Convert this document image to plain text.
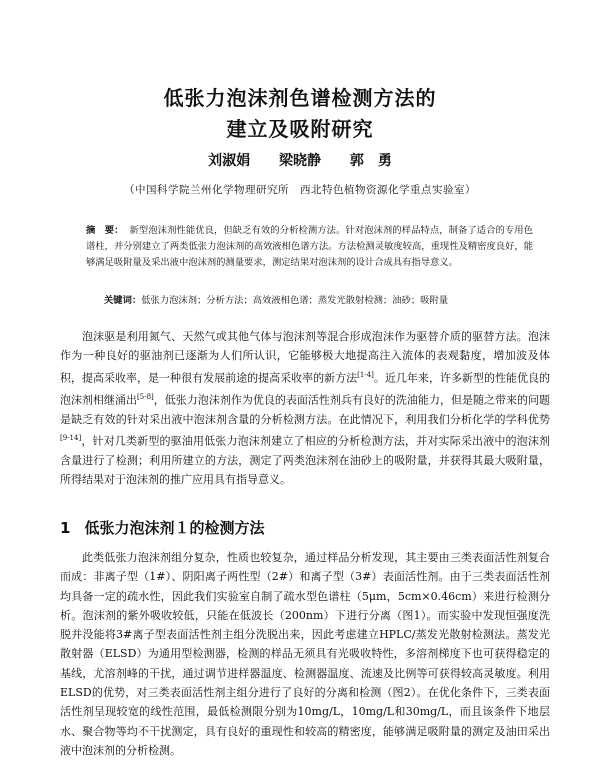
低张力泡沫剂色谱检测方法的
建立及吸附研究
刘淑娟 梁晓静 郭　勇
（中国科学院兰州化学物理研究所　西北特色植物资源化学重点实验室）
摘　要： 新型泡沫剂性能优良，但缺乏有效的分析检测方法。针对泡沫剂的样品特点，制备了适合的专用色谱柱，并分别建立了两类低张力泡沫剂的高效液相色谱方法。方法检测灵敏度较高，重现性及精密度良好，能够满足吸附量及采出液中泡沫剂的测量要求，测定结果对泡沫剂的设计合成具有指导意义。
关键词：低张力泡沫剂；分析方法；高效液相色谱；蒸发光散射检测；油砂；吸附量
泡沫驱是利用氮气、天然气或其他气体与泡沫剂等混合形成泡沫作为驱替介质的驱替方法。泡沫作为一种良好的驱油剂已逐渐为人们所认识，它能够极大地提高注入流体的表观黏度，增加波及体积，提高采收率，是一种很有发展前途的提高采收率的新方法[1-4]。近几年来，许多新型的性能优良的泡沫剂相继涌出[5-8]，低张力泡沫剂作为优良的表面活性剂兵有良好的洗油能力，但是随之带来的问题是缺乏有效的针对采出液中泡沫剂含量的分析检测方法。在此情况下，利用我们分析化学的学科优势[9-14]，针对几类新型的驱油用低张力泡沫剂建立了相应的分析检测方法，并对实际采出液中的泡沫剂含量进行了检测；利用所建立的方法，测定了两类泡沫剂在油砂上的吸附量，并获得其最大吸附量，所得结果对于泡沫剂的推广应用具有指导意义。
1 低张力泡沫剂１的检测方法
此类低张力泡沫剂组分复杂，性质也较复杂，通过样品分析发现，其主要由三类表面活性剂复合而成：非离子型（1#）、阴阳离子两性型（2#）和离子型（3#）表面活性剂。由于三类表面活性剂均具备一定的疏水性，因此我们实验室自制了疏水型色谱柱（5μm，5cm×0.46cm）来进行检测分析。泡沫剂的紫外吸收较低，只能在低波长（200nm）下进行分离（图1）。而实验中发现恒强度洗脱并没能将3#离子型表面活性剂主组分洗脱出来，因此考虑建立HPLC/蒸发光散射检测法。蒸发光散射器（ELSD）为通用型检测器，检测的样品无须具有光吸收特性，多溶剂梯度下也可获得稳定的基线，尤溶剂峰的干扰，通过调节进样器温度、检测器温度、流速及比例等可获得较高灵敏度。利用ELSD的优势，对三类表面活性剂主组分进行了良好的分离和检测（图2）。在优化条件下，三类表面活性剂呈现较宽的线性范围，最低检测限分别为10mg/L，10mg/L和30mg/L，而且该条件下地层水、聚合物等均不干扰测定，具有良好的重现性和较高的精密度，能够满足吸附量的测定及油田采出液中泡沫剂的分析检测。
